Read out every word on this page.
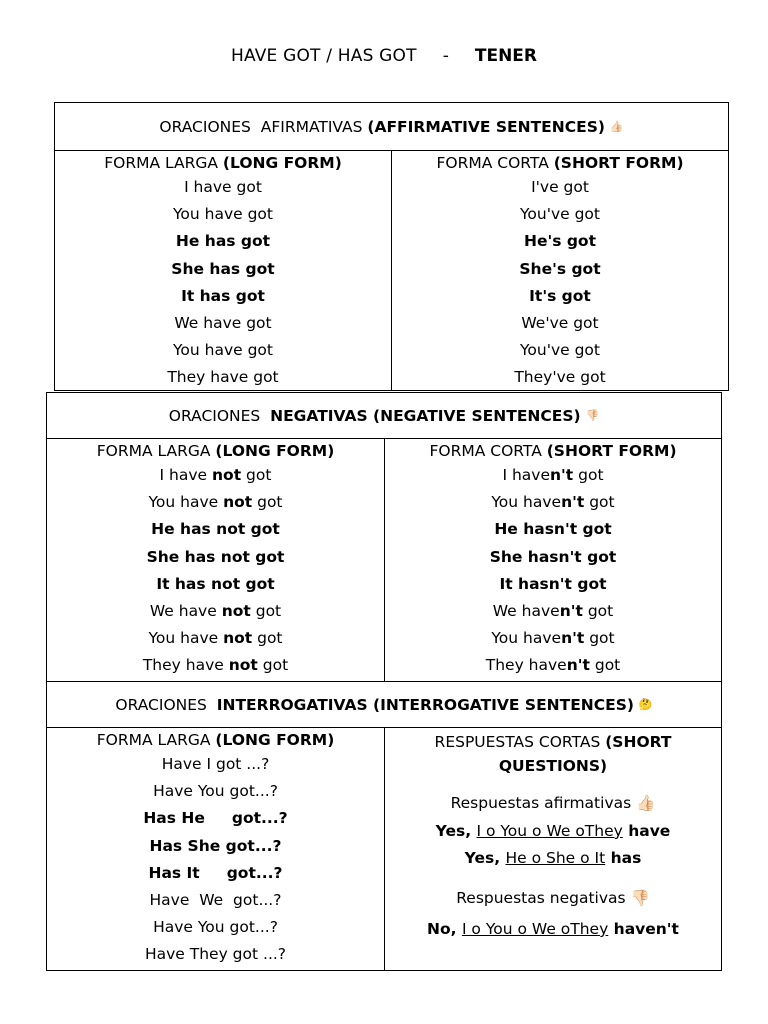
HAVE GOT / HAS GOT - TENER
ORACIONES  AFIRMATIVAS (AFFIRMATIVE SENTENCES)
👍🏻
FORMA LARGA (LONG FORM)
I have got
You have got
He has got
She has got
It has got
We have got
You have got
They have got
FORMA CORTA (SHORT FORM)
I've got
You've got
He's got
She's got
It's got
We've got
You've got
They've got
ORACIONES NEGATIVAS (NEGATIVE SENTENCES)
👎🏻
FORMA LARGA (LONG FORM)
I have not got
You have not got
He has not got
She has not got
It has not got
We have not got
You have not got
They have not got
FORMA CORTA (SHORT FORM)
I haven't got
You haven't got
He hasn't got
She hasn't got
It hasn't got
We haven't got
You haven't got
They haven't got
ORACIONES INTERROGATIVAS (INTERROGATIVE SENTENCES)
🤔
FORMA LARGA (LONG FORM)
Have I got ...?
Have You got...?
Has He     got...?
Has She got...?
Has It     got...?
Have  We  got...?
Have You got...?
Have They got ...?
RESPUESTAS CORTAS (SHORT
QUESTIONS)
Respuestas afirmativas 👍🏻
Yes, I o You o We oThey have
Yes, He o She o It has
Respuestas negativas 👎🏻
No, I o You o We oThey haven't
